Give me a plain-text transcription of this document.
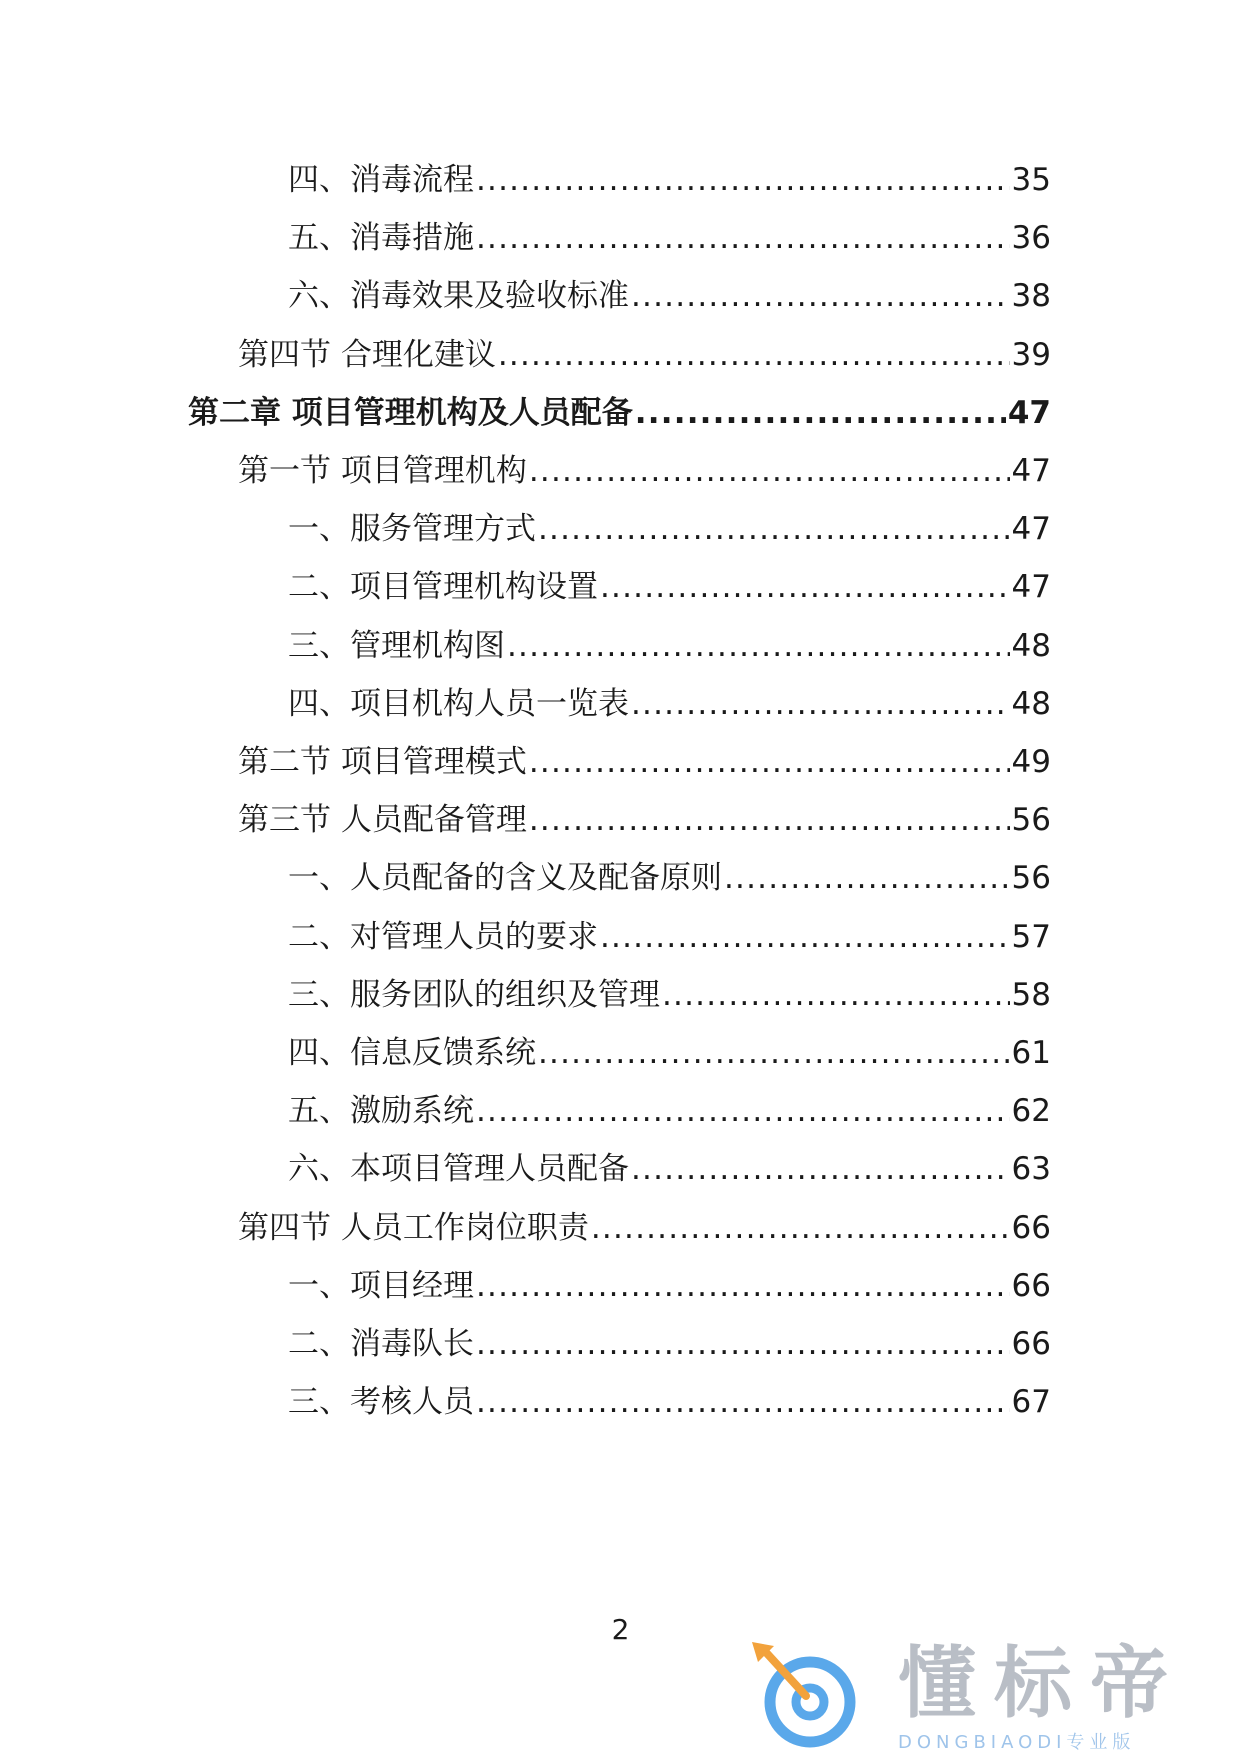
四、消毒流程 .....	35
五、消毒措施 .....	36
六、消毒效果及验收标准 .....	38
第四节 合理化建议 .....	39
第二章 项目管理机构及人员配备 .....	47
第一节 项目管理机构 .....	47
一、服务管理方式 .....	47
二、项目管理机构设置 .....	47
三、管理机构图 .....	48
四、项目机构人员一览表 .....	48
第二节 项目管理模式 .....	49
第三节 人员配备管理 .....	56
一、人员配备的含义及配备原则 .....	56
二、对管理人员的要求 .....	57
三、服务团队的组织及管理 .....	58
四、信息反馈系统 .....	61
五、激励系统 .....	62
六、本项目管理人员配备 .....	63
第四节 人员工作岗位职责 .....	66
一、项目经理 .....	66
二、消毒队长 .....	66
三、考核人员 .....	67
2
懂标帝
DONGBIAODI专业版
